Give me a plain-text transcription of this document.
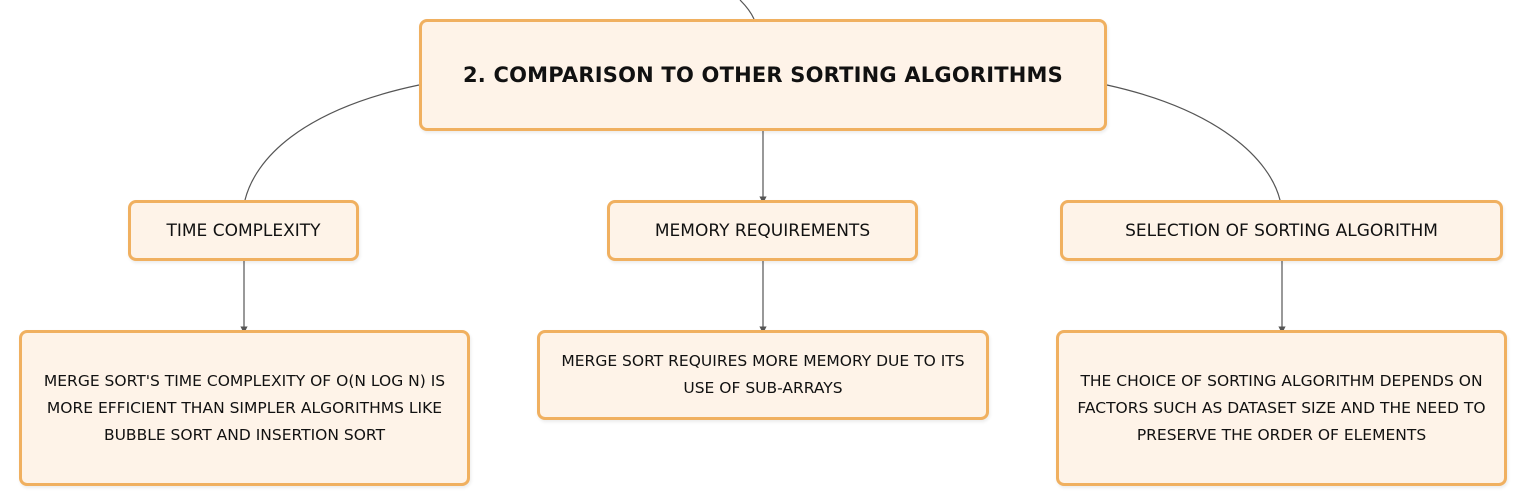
2. COMPARISON TO OTHER SORTING ALGORITHMS
TIME COMPLEXITY	MEMORY REQUIREMENTS	SELECTION OF SORTING ALGORITHM
MERGE SORT'S TIME COMPLEXITY OF O(N LOG N) IS MORE EFFICIENT THAN SIMPLER ALGORITHMS LIKE BUBBLE SORT AND INSERTION SORT
MERGE SORT REQUIRES MORE MEMORY DUE TO ITS USE OF SUB-ARRAYS	THE CHOICE OF SORTING ALGORITHM DEPENDS ON FACTORS SUCH AS DATASET SIZE AND THE NEED TO PRESERVE THE ORDER OF ELEMENTS
